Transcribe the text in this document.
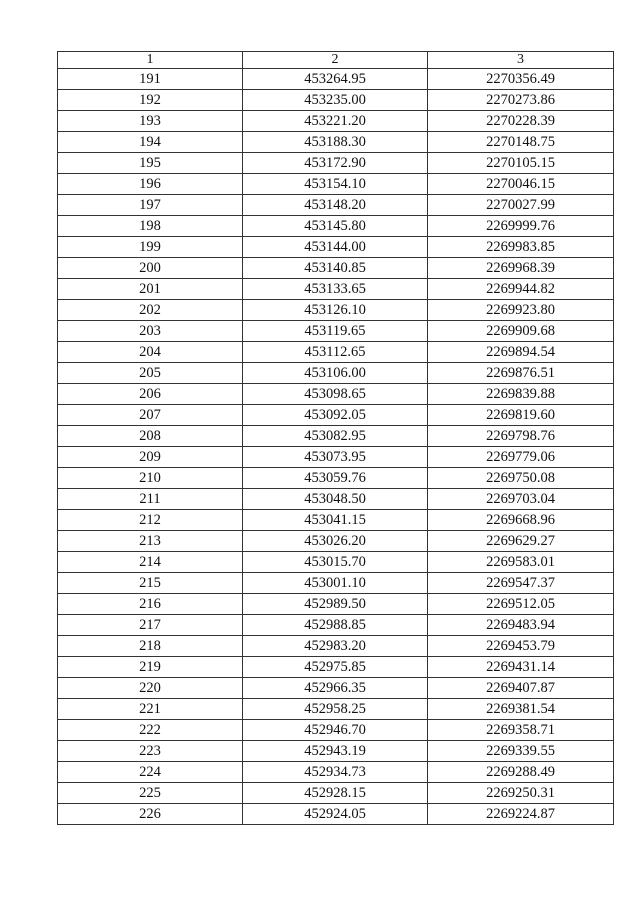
1	2	3
191	453264.95	2270356.49
192	453235.00	2270273.86
193	453221.20	2270228.39
194	453188.30	2270148.75
195	453172.90	2270105.15
196	453154.10	2270046.15
197	453148.20	2270027.99
198	453145.80	2269999.76
199	453144.00	2269983.85
200	453140.85	2269968.39
201	453133.65	2269944.82
202	453126.10	2269923.80
203	453119.65	2269909.68
204	453112.65	2269894.54
205	453106.00	2269876.51
206	453098.65	2269839.88
207	453092.05	2269819.60
208	453082.95	2269798.76
209	453073.95	2269779.06
210	453059.76	2269750.08
211	453048.50	2269703.04
212	453041.15	2269668.96
213	453026.20	2269629.27
214	453015.70	2269583.01
215	453001.10	2269547.37
216	452989.50	2269512.05
217	452988.85	2269483.94
218	452983.20	2269453.79
219	452975.85	2269431.14
220	452966.35	2269407.87
221	452958.25	2269381.54
222	452946.70	2269358.71
223	452943.19	2269339.55
224	452934.73	2269288.49
225	452928.15	2269250.31
226	452924.05	2269224.87
